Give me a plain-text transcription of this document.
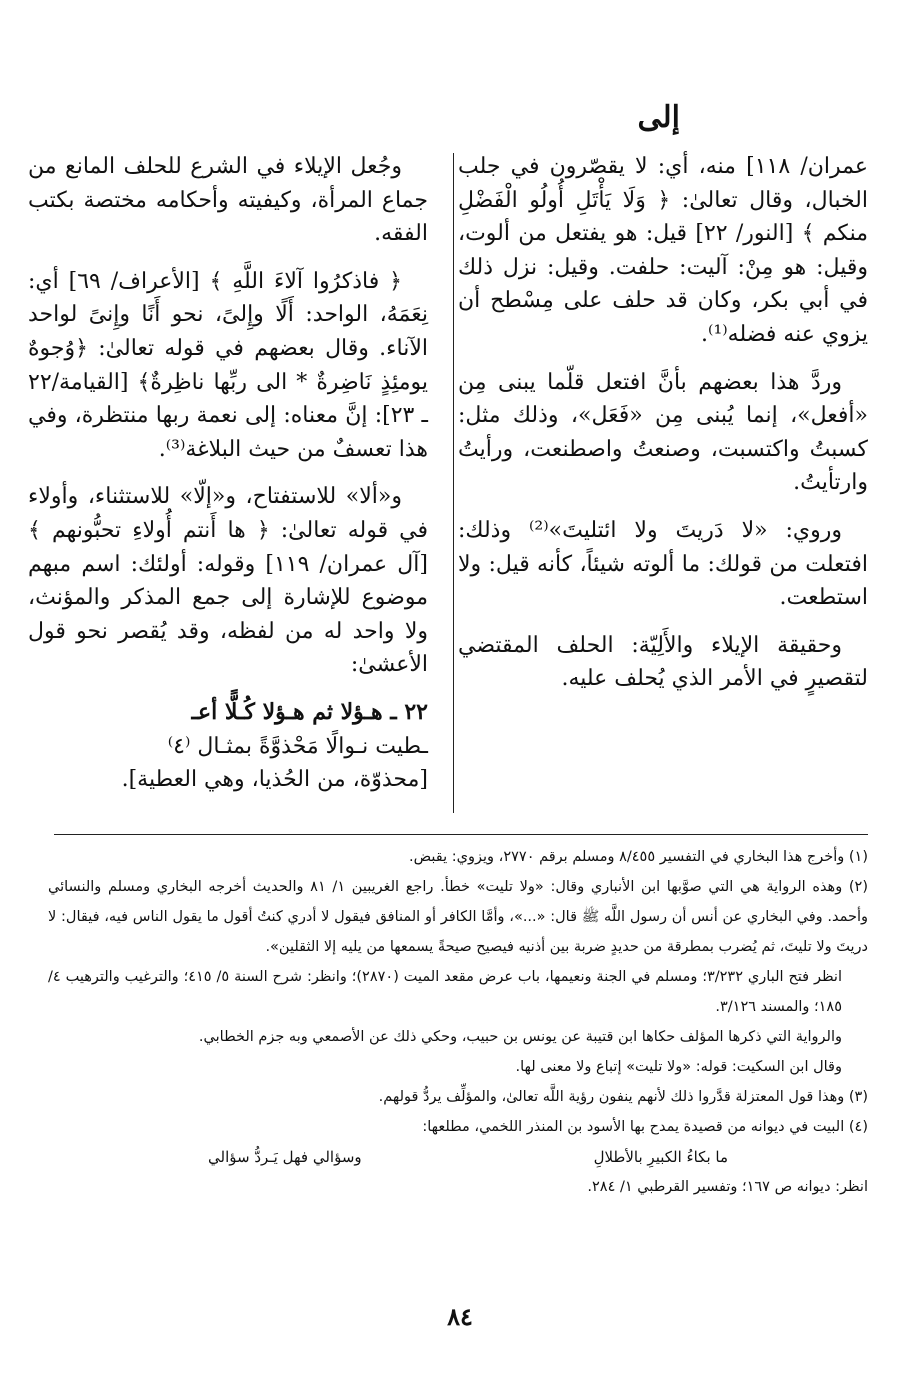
إلى

عمران/ ١١٨] منه، أي: لا يقصّرون في جلب الخبال، وقال تعالىٰ: ﴿ وَلَا يَأْتَلِ أُولُو الْفَضْلِ منكم ﴾ [النور/ ٢٢] قيل: هو يفتعل من ألوت، وقيل: هو مِنْ: آليت: حلفت. وقيل: نزل ذلك في أبي بكر، وكان قد حلف على مِسْطح أن يزوي عنه فضله⁽¹⁾.

وردَّ هذا بعضهم بأنَّ افتعل قلّما يبنى مِن «أفعل»، إنما يُبنى مِن «فَعَل»، وذلك مثل: كسبتُ واكتسبت، وصنعتُ واصطنعت، ورأيتُ وارتأيتُ.

وروي: «لا دَريتَ ولا ائتليتَ»⁽²⁾ وذلك: افتعلت من قولك: ما ألوته شيئاً، كأنه قيل: ولا استطعت.

وحقيقة الإيلاء والأَلِيّة: الحلف المقتضي لتقصيرٍ في الأمر الذي يُحلف عليه.

وجُعل الإيلاء في الشرع للحلف المانع من جماع المرأة، وكيفيته وأحكامه مختصة بكتب الفقه.

﴿ فاذكرُوا آلاءَ اللَّهِ ﴾ [الأعراف/ ٦٩] أي: نِعَمَهُ، الواحد: أَلًا وإِلىً، نحو أَنًا وإِنىً لواحد الآناء. وقال بعضهم في قوله تعالىٰ: ﴿وُجوهٌ يومئِذٍ نَاضِرةٌ * الى ربِّها ناظِرةٌ﴾ [القيامة/٢٢ ـ ٢٣]: إنَّ معناه: إلى نعمة ربها منتظرة، وفي هذا تعسفٌ من حيث البلاغة⁽³⁾.

و«ألا» للاستفتاح، و«إلّا» للاستثناء، وأولاء في قوله تعالىٰ: ﴿ ها أَنتم أُولاءِ تحبُّونهم ﴾ [آل عمران/ ١١٩] وقوله: أولئك: اسم مبهم موضوع للإشارة إلى جمع المذكر والمؤنث، ولا واحد له من لفظه، وقد يُقصر نحو قول الأعشىٰ:

٢٢ ـ هـؤلا ثم هـؤلا كُـلًّا أعـ

ـطيت نـوالًا مَحْذوَّةً بمثـال ⁽٤⁾

[محذوّة، من الحُذيا، وهي العطية].

(١) وأخرج هذا البخاري في التفسير ٨/٤٥٥ ومسلم برقم ٢٧٧٠، ويزوي: يقبض.

(٢) وهذه الرواية هي التي صوَّبها ابن الأنباري وقال: «ولا تليت» خطأ. راجع الغريبين ١/ ٨١ والحديث أخرجه البخاري ومسلم والنسائي وأحمد. وفي البخاري عن أنس أن رسول اللَّه ﷺ قال: «...»، وأمَّا الكافر أو المنافق فيقول لا أدري كنتُ أقول ما يقول الناس فيه، فيقال: لا دريتَ ولا تليتَ، ثم يُضرب بمطرقة من حديدٍ ضربة بين أذنيه فيصيح صيحةً يسمعها من يليه إلا الثقلين».

انظر فتح الباري ٣/٢٣٢؛ ومسلم في الجنة ونعيمها، باب عرض مقعد الميت (٢٨٧٠)؛ وانظر: شرح السنة ٥/ ٤١٥؛ والترغيب والترهيب ٤/ ١٨٥؛ والمسند ٣/١٢٦.

والرواية التي ذكرها المؤلف حكاها ابن قتيبة عن يونس بن حبيب، وحكي ذلك عن الأصمعي وبه جزم الخطابي.

وقال ابن السكيت: قوله: «ولا تليت» إتباع ولا معنى لها.

(٣) وهذا قول المعتزلة قدَّروا ذلك لأنهم ينفون رؤية اللَّه تعالىٰ، والمؤلِّف يردُّ قولهم.

(٤) البيت في ديوانه من قصيدة يمدح بها الأسود بن المنذر اللخمي، مطلعها:

ما بكاءُ الكبيرِ بالأطلالِ
وسؤالي فهل يَـردُّ سؤالي

انظر: ديوانه ص ١٦٧؛ وتفسير القرطبي ١/ ٢٨٤.

٨٤
